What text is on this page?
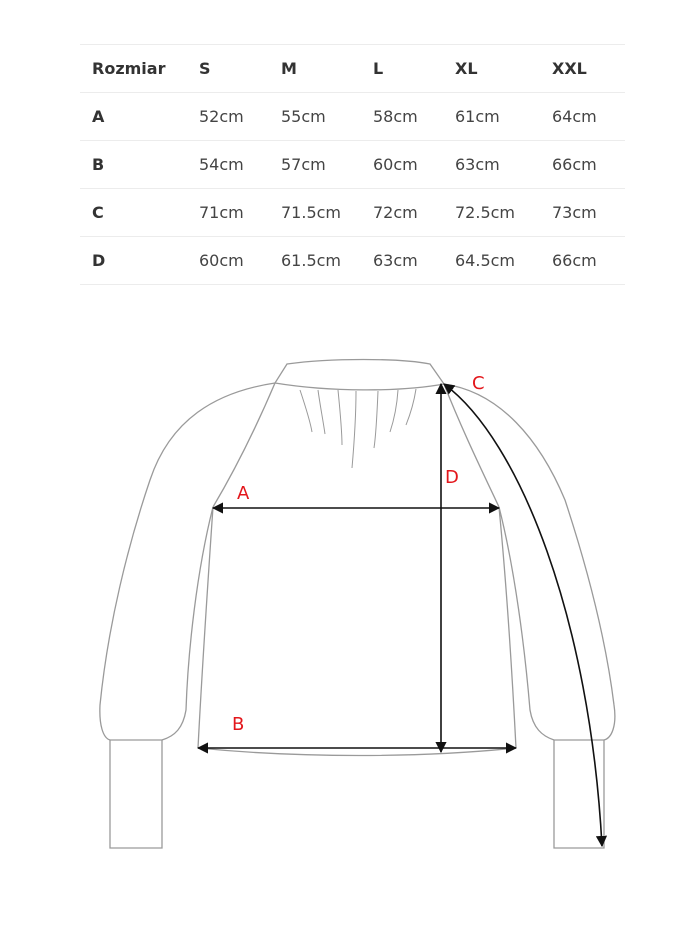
Rozmiar	S	M	L	XL	XXL
A	52cm	55cm	58cm	61cm	64cm
B	54cm	57cm	60cm	63cm	66cm
C	71cm	71.5cm	72cm	72.5cm	73cm
D	60cm	61.5cm	63cm	64.5cm	66cm
A
B
C
D
